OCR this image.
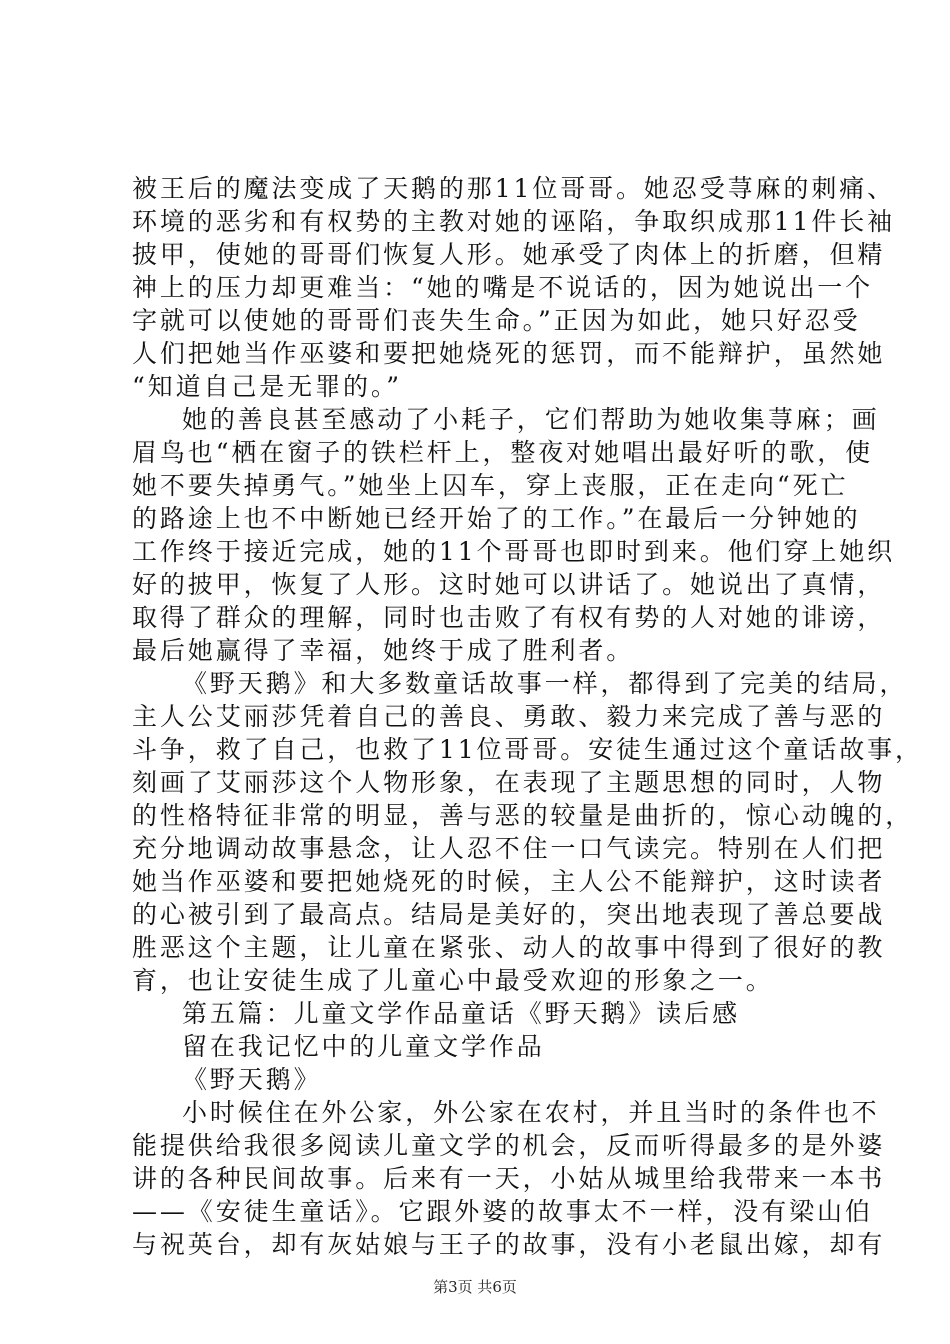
被王后的魔法变成了天鹅的那11位哥哥。她忍受荨麻的刺痛、
环境的恶劣和有权势的主教对她的诬陷，争取织成那11件长袖
披甲，使她的哥哥们恢复人形。她承受了肉体上的折磨，但精
神上的压力却更难当：“她的嘴是不说话的，因为她说出一个
字就可以使她的哥哥们丧失生命。”正因为如此，她只好忍受
人们把她当作巫婆和要把她烧死的惩罚，而不能辩护，虽然她
“知道自己是无罪的。”
她的善良甚至感动了小耗子，它们帮助为她收集荨麻；画
眉鸟也“栖在窗子的铁栏杆上，整夜对她唱出最好听的歌，使
她不要失掉勇气。”她坐上囚车，穿上丧服，正在走向“死亡
的路途上也不中断她已经开始了的工作。”在最后一分钟她的
工作终于接近完成，她的11个哥哥也即时到来。他们穿上她织
好的披甲，恢复了人形。这时她可以讲话了。她说出了真情，
取得了群众的理解，同时也击败了有权有势的人对她的诽谤，
最后她赢得了幸福，她终于成了胜利者。
《野天鹅》和大多数童话故事一样，都得到了完美的结局，
主人公艾丽莎凭着自己的善良、勇敢、毅力来完成了善与恶的
斗争，救了自己，也救了11位哥哥。安徒生通过这个童话故事，
刻画了艾丽莎这个人物形象，在表现了主题思想的同时，人物
的性格特征非常的明显，善与恶的较量是曲折的，惊心动魄的，
充分地调动故事悬念，让人忍不住一口气读完。特别在人们把
她当作巫婆和要把她烧死的时候，主人公不能辩护，这时读者
的心被引到了最高点。结局是美好的，突出地表现了善总要战
胜恶这个主题，让儿童在紧张、动人的故事中得到了很好的教
育，也让安徒生成了儿童心中最受欢迎的形象之一。
第五篇：儿童文学作品童话《野天鹅》读后感
留在我记忆中的儿童文学作品
《野天鹅》
小时候住在外公家，外公家在农村，并且当时的条件也不
能提供给我很多阅读儿童文学的机会，反而听得最多的是外婆
讲的各种民间故事。后来有一天，小姑从城里给我带来一本书
——《安徒生童话》。它跟外婆的故事太不一样，没有梁山伯
与祝英台，却有灰姑娘与王子的故事，没有小老鼠出嫁，却有
第3页 共6页
